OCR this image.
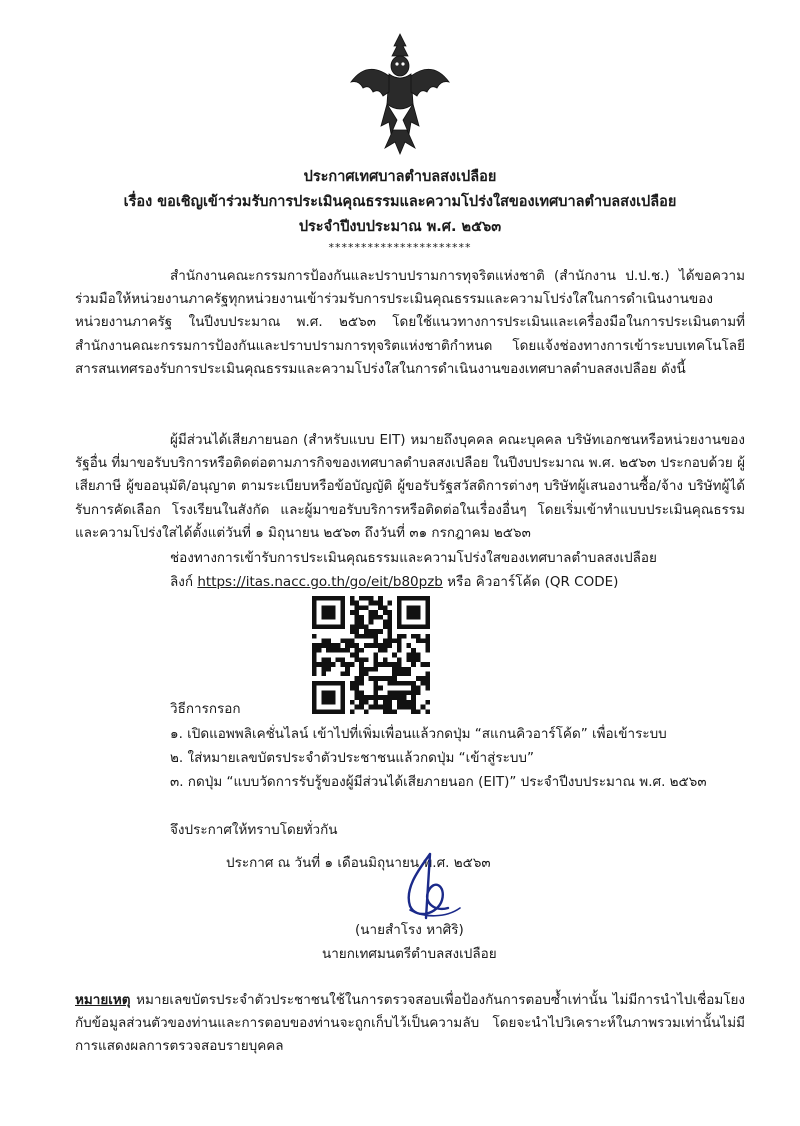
ประกาศเทศบาลตำบลสงเปลือย
เรื่อง ขอเชิญเข้าร่วมรับการประเมินคุณธรรมและความโปร่งใสของเทศบาลตำบลสงเปลือย
ประจำปีงบประมาณ พ.ศ. ๒๕๖๓
**********************
สำนักงานคณะกรรมการป้องกันและปราบปรามการทุจริตแห่งชาติ (สำนักงาน ป.ป.ช.) ได้ขอความร่วมมือให้หน่วยงานภาครัฐทุกหน่วยงานเข้าร่วมรับการประเมินคุณธรรมและความโปร่งใสในการดำเนินงานของหน่วยงานภาครัฐ ในปีงบประมาณ พ.ศ. ๒๕๖๓ โดยใช้แนวทางการประเมินและเครื่องมือในการประเมินตามที่สำนักงานคณะกรรมการป้องกันและปราบปรามการทุจริตแห่งชาติกำหนด โดยแจ้งช่องทางการเข้าระบบเทคโนโลยีสารสนเทศรองรับการประเมินคุณธรรมและความโปร่งใสในการดำเนินงานของเทศบาลตำบลสงเปลือย ดังนี้
ผู้มีส่วนได้เสียภายนอก (สำหรับแบบ EIT) หมายถึงบุคคล คณะบุคคล บริษัทเอกชนหรือหน่วยงานของรัฐอื่น ที่มาขอรับบริการหรือติดต่อตามภารกิจของเทศบาลตำบลสงเปลือย ในปีงบประมาณ พ.ศ. ๒๕๖๓ ประกอบด้วย ผู้เสียภาษี ผู้ขออนุมัติ/อนุญาต ตามระเบียบหรือข้อบัญญัติ ผู้ขอรับรัฐสวัสดิการต่างๆ บริษัทผู้เสนองานซื้อ/จ้าง บริษัทผู้ได้รับการคัดเลือก โรงเรียนในสังกัด และผู้มาขอรับบริการหรือติดต่อในเรื่องอื่นๆ โดยเริ่มเข้าทำแบบประเมินคุณธรรมและความโปร่งใสได้ตั้งแต่วันที่ ๑ มิถุนายน ๒๕๖๓ ถึงวันที่ ๓๑ กรกฎาคม ๒๕๖๓
ช่องทางการเข้ารับการประเมินคุณธรรมและความโปร่งใสของเทศบาลตำบลสงเปลือย
ลิงก์ https://itas.nacc.go.th/go/eit/b80pzb หรือ คิวอาร์โค้ด (QR CODE)
วิธีการกรอก
๑. เปิดแอพพลิเคชั่นไลน์ เข้าไปที่เพิ่มเพื่อนแล้วกดปุ่ม “สแกนคิวอาร์โค้ด” เพื่อเข้าระบบ
๒. ใส่หมายเลขบัตรประจำตัวประชาชนแล้วกดปุ่ม “เข้าสู่ระบบ”
๓. กดปุ่ม “แบบวัดการรับรู้ของผู้มีส่วนได้เสียภายนอก (EIT)” ประจำปีงบประมาณ พ.ศ. ๒๕๖๓
จึงประกาศให้ทราบโดยทั่วกัน
ประกาศ ณ วันที่ ๑ เดือนมิถุนายน พ.ศ. ๒๕๖๓
(นายสำโรง หาศิริ)
นายกเทศมนตรีตำบลสงเปลือย
หมายเหตุ หมายเลขบัตรประจำตัวประชาชนใช้ในการตรวจสอบเพื่อป้องกันการตอบซ้ำเท่านั้น ไม่มีการนำไปเชื่อมโยงกับข้อมูลส่วนตัวของท่านและการตอบของท่านจะถูกเก็บไว้เป็นความลับ โดยจะนำไปวิเคราะห์ในภาพรวมเท่านั้นไม่มีการแสดงผลการตรวจสอบรายบุคคล
